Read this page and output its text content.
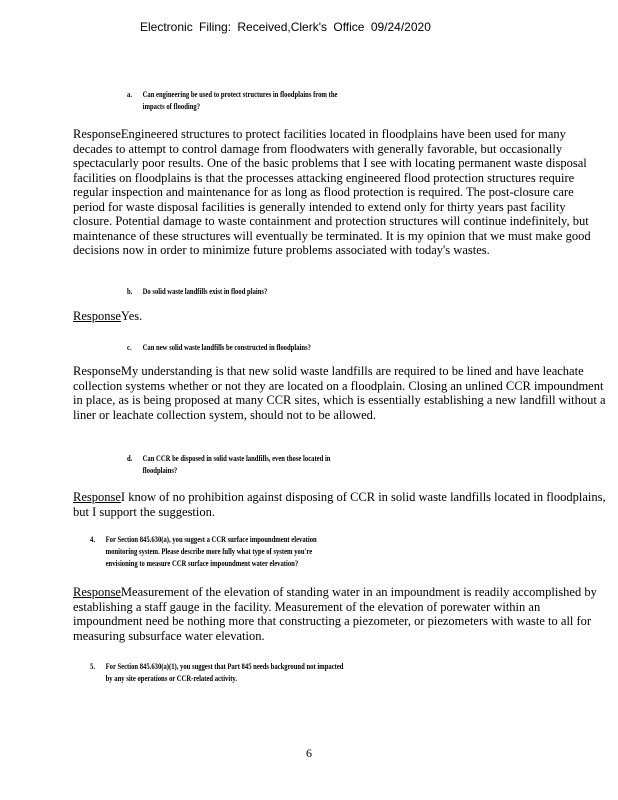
Electronic Filing: Received,Clerk's Office 09/24/2020
a. Can engineering be used to protect structures in floodplains from the
impacts of flooding?
ResponseEngineered structures to protect facilities located in floodplains have been used for many decades to attempt to control damage from floodwaters with generally favorable, but occasionally spectacularly poor results. One of the basic problems that I see with locating permanent waste disposal facilities on floodplains is that the processes attacking engineered flood protection structures require regular inspection and maintenance for as long as flood protection is required. The post-closure care period for waste disposal facilities is generally intended to extend only for thirty years past facility closure. Potential damage to waste containment and protection structures will continue indefinitely, but maintenance of these structures will eventually be terminated. It is my opinion that we must make good decisions now in order to minimize future problems associated with today's wastes.
b. Do solid waste landfills exist in flood plains?
ResponseYes.
c. Can new solid waste landfills be constructed in floodplains?
ResponseMy understanding is that new solid waste landfills are required to be lined and have leachate collection systems whether or not they are located on a floodplain. Closing an unlined CCR impoundment in place, as is being proposed at many CCR sites, which is essentially establishing a new landfill without a liner or leachate collection system, should not to be allowed.
d. Can CCR be disposed in solid waste landfills, even those located in
floodplains?
ResponseI know of no prohibition against disposing of CCR in solid waste landfills located in floodplains, but I support the suggestion.
4. For Section 845.630(a), you suggest a CCR surface impoundment elevation
monitoring system. Please describe more fully what type of system you're
envisioning to measure CCR surface impoundment water elevation?
ResponseMeasurement of the elevation of standing water in an impoundment is readily accomplished by establishing a staff gauge in the facility. Measurement of the elevation of porewater within an impoundment need be nothing more that constructing a piezometer, or piezometers with waste to all for measuring subsurface water elevation.
5. For Section 845.630(a)(1), you suggest that Part 845 needs background not impacted
by any site operations or CCR-related activity.
6
